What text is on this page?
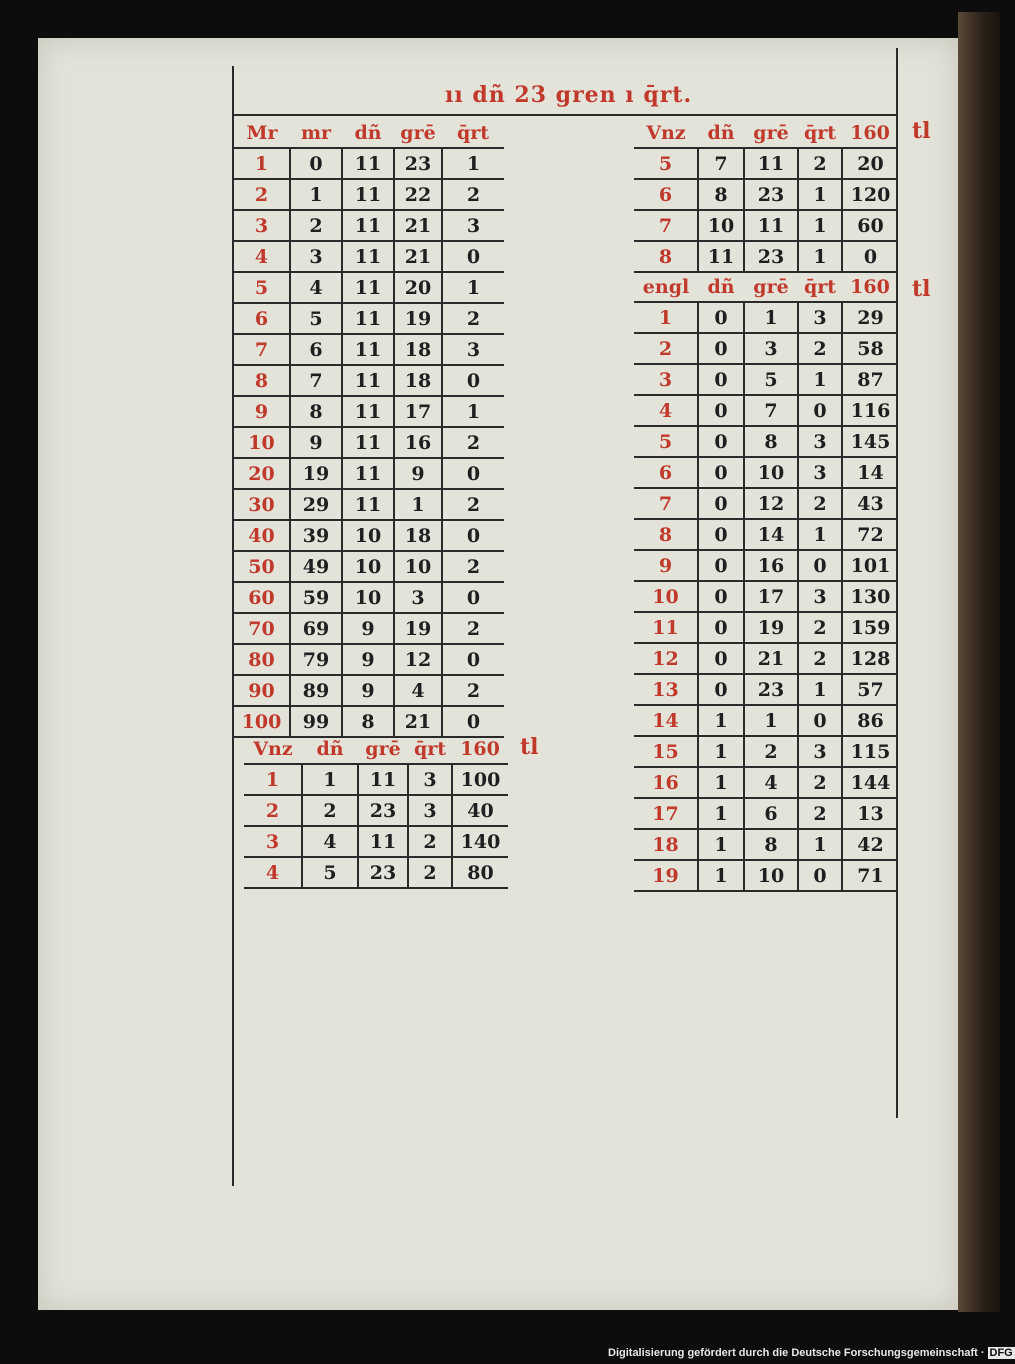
ıı dñ 23 gren ı q̄rt.
Mr	mr	dñ	grē	q̄rt
1	0	11	23	1
2	1	11	22	2
3	2	11	21	3
4	3	11	21	0
5	4	11	20	1
6	5	11	19	2
7	6	11	18	3
8	7	11	18	0
9	8	11	17	1
10	9	11	16	2
20	19	11	9	0
30	29	11	1	2
40	39	10	18	0
50	49	10	10	2
60	59	10	3	0
70	69	9	19	2
80	79	9	12	0
90	89	9	4	2
100	99	8	21	0
Vnz	dñ	grē	q̄rt	160
1	1	11	3	100
2	2	23	3	40
3	4	11	2	140
4	5	23	2	80
Vnz	dñ	grē	q̄rt	160
5	7	11	2	20
6	8	23	1	120
7	10	11	1	60
8	11	23	1	0
engl	dñ	grē	q̄rt	160
1	0	1	3	29
2	0	3	2	58
3	0	5	1	87
4	0	7	0	116
5	0	8	3	145
6	0	10	3	14
7	0	12	2	43
8	0	14	1	72
9	0	16	0	101
10	0	17	3	130
11	0	19	2	159
12	0	21	2	128
13	0	23	1	57
14	1	1	0	86
15	1	2	3	115
16	1	4	2	144
17	1	6	2	13
18	1	8	1	42
19	1	10	0	71
tl
tl
tl
Digitalisierung gefördert durch die Deutsche Forschungsgemeinschaft · DFG
